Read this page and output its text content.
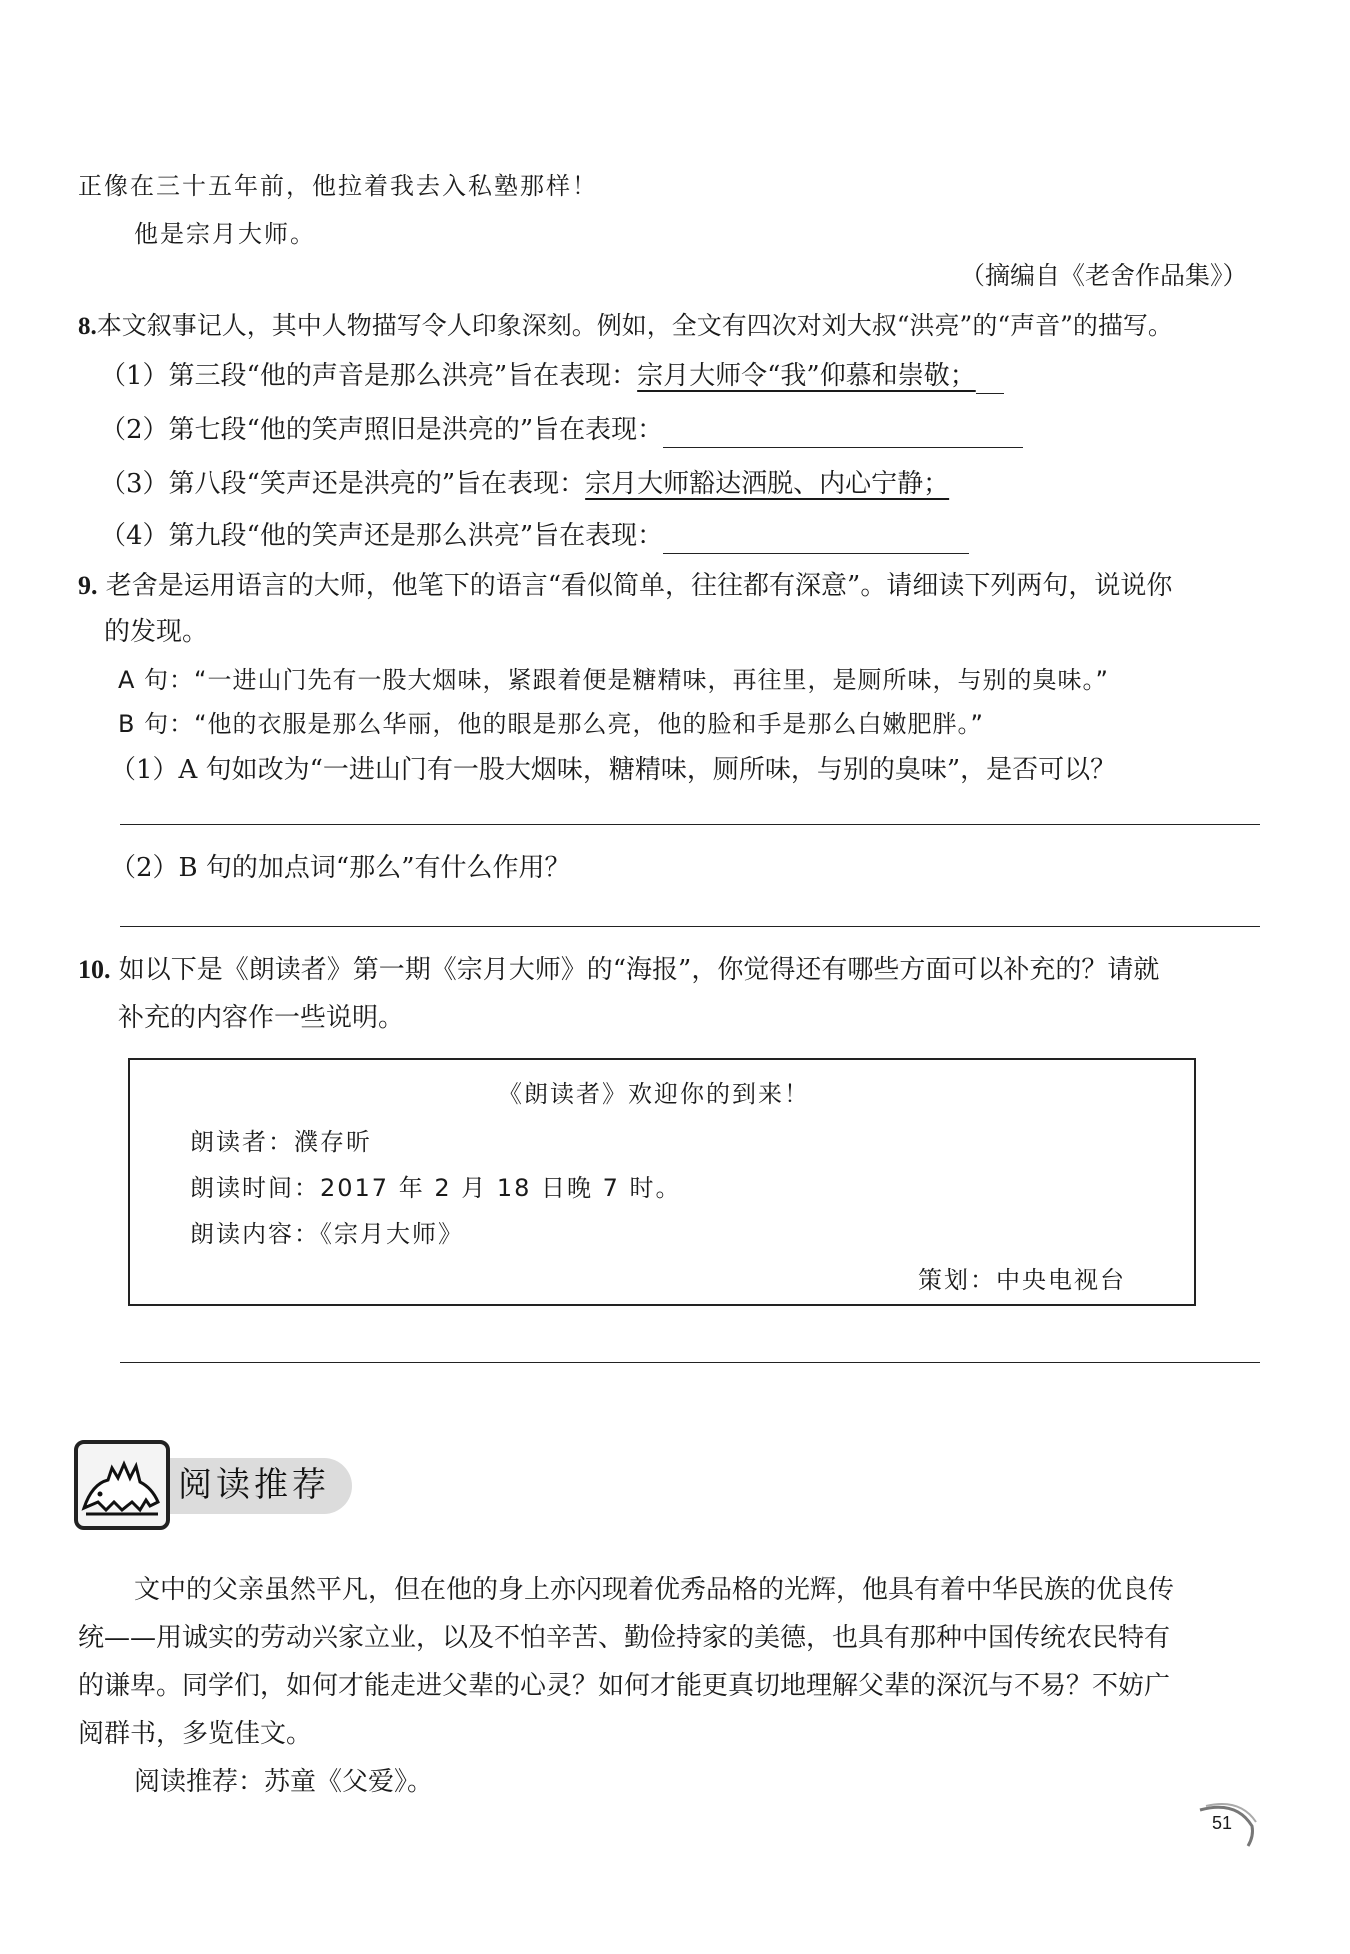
正像在三十五年前，他拉着我去入私塾那样！
他是宗月大师。
（摘编自《老舍作品集》）
8.本文叙事记人，其中人物描写令人印象深刻。例如，全文有四次对刘大叔“洪亮”的“声音”的描写。
（1）第三段“他的声音是那么洪亮”旨在表现：宗月大师令“我”仰慕和崇敬；
（2）第七段“他的笑声照旧是洪亮的”旨在表现：
（3）第八段“笑声还是洪亮的”旨在表现：宗月大师豁达洒脱、内心宁静；
（4）第九段“他的笑声还是那么洪亮”旨在表现：
9. 老舍是运用语言的大师，他笔下的语言“看似简单，往往都有深意”。请细读下列两句，说说你
的发现。
A 句：“一进山门先有一股大烟味，紧跟着便是糖精味，再往里，是厕所味，与别的臭味。”
B 句：“他的衣服是那么华丽，他的眼是那么亮，他的脸和手是那么白嫩肥胖。”
（1）A 句如改为“一进山门有一股大烟味，糖精味，厕所味，与别的臭味”，是否可以？
（2）B 句的加点词“那么”有什么作用？
10. 如以下是《朗读者》第一期《宗月大师》的“海报”，你觉得还有哪些方面可以补充的？请就
补充的内容作一些说明。
《朗读者》欢迎你的到来！
朗读者：濮存昕
朗读时间：2017 年 2 月 18 日晚 7 时。
朗读内容：《宗月大师》
策划：中央电视台
阅读推荐
文中的父亲虽然平凡，但在他的身上亦闪现着优秀品格的光辉，他具有着中华民族的优良传
统——用诚实的劳动兴家立业，以及不怕辛苦、勤俭持家的美德，也具有那种中国传统农民特有
的谦卑。同学们，如何才能走进父辈的心灵？如何才能更真切地理解父辈的深沉与不易？不妨广
阅群书，多览佳文。
阅读推荐：苏童《父爱》。
51
